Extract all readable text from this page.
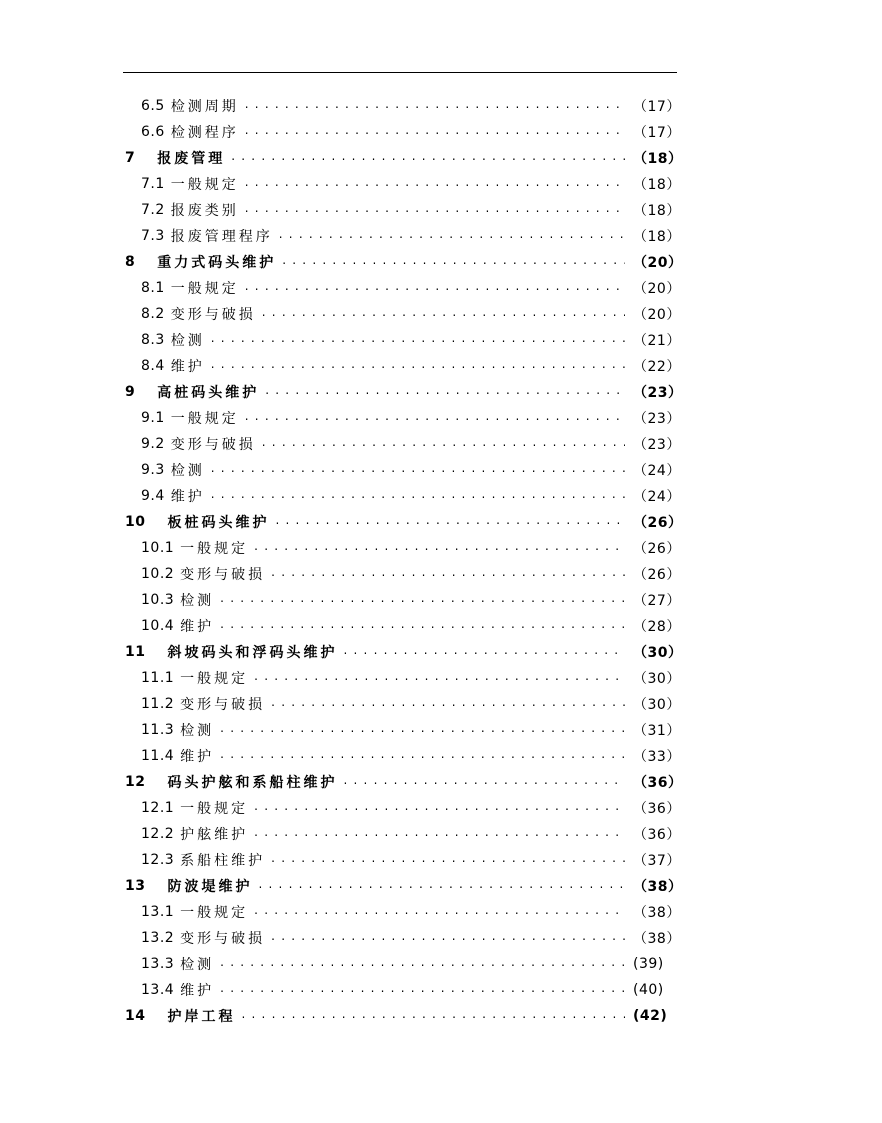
6.5 检测周期 . . .	（17）
6.6 检测程序 . . .	（17）
7 报废管理 . . .	（18）
7.1 一般规定 . . .	（18）
7.2 报废类别 . . .	（18）
7.3 报废管理程序 . . .	（18）
8 重力式码头维护 . . .	（20）
8.1 一般规定 . . .	（20）
8.2 变形与破损 . . .	（20）
8.3 检测 . . .	（21）
8.4 维护 . . .	（22）
9 高桩码头维护 . . .	（23）
9.1 一般规定 . . .	（23）
9.2 变形与破损 . . .	（23）
9.3 检测 . . .	（24）
9.4 维护 . . .	（24）
10 板桩码头维护 . . .	（26）
10.1 一般规定 . . .	（26）
10.2 变形与破损 . . .	（26）
10.3 检测 . . .	（27）
10.4 维护 . . .	（28）
11 斜坡码头和浮码头维护 . . .	（30）
11.1 一般规定 . . .	（30）
11.2 变形与破损 . . .	（30）
11.3 检测 . . .	（31）
11.4 维护 . . .	（33）
12 码头护舷和系船柱维护 . . .	（36）
12.1 一般规定 . . .	（36）
12.2 护舷维护 . . .	（36）
12.3 系船柱维护 . . .	（37）
13 防波堤维护 . . .	（38）
13.1 一般规定 . . .	（38）
13.2 变形与破损 . . .	（38）
13.3 检测 . . .	(39)
13.4 维护 . . .	(40)
14 护岸工程 . . .	(42)
